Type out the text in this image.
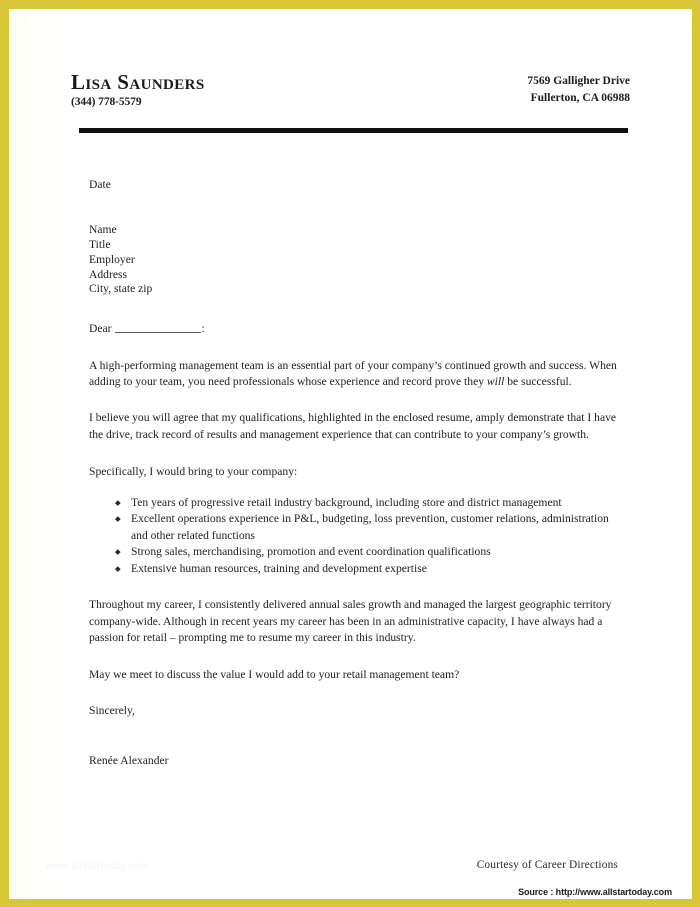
Lisa Saunders
(344) 778-5579
7569 Galligher Drive
Fullerton, CA 06988
Date
Name
Title
Employer
Address
City, state zip
Dear	:

A high-performing management team is an essential part of your company’s continued growth and success. When adding to your team, you need professionals whose experience and record prove they will be successful.

I believe you will agree that my qualifications, highlighted in the enclosed resume, amply demonstrate that I have the drive, track record of results and management experience that can contribute to your company’s growth.

Specifically, I would bring to your company:

Ten years of progressive retail industry background, including store and district management
Excellent operations experience in P&L, budgeting, loss prevention, customer relations, administration and other related functions
Strong sales, merchandising, promotion and event coordination qualifications
Extensive human resources, training and development expertise

Throughout my career, I consistently delivered annual sales growth and managed the largest geographic territory company-wide. Although in recent years my career has been in an administrative capacity, I have always had a passion for retail – prompting me to resume my career in this industry.

May we meet to discuss the value I would add to your retail management team?

Sincerely,

Renée Alexander

www.allstartoday.com	Courtesy of Career Directions
Source : http://www.allstartoday.com
